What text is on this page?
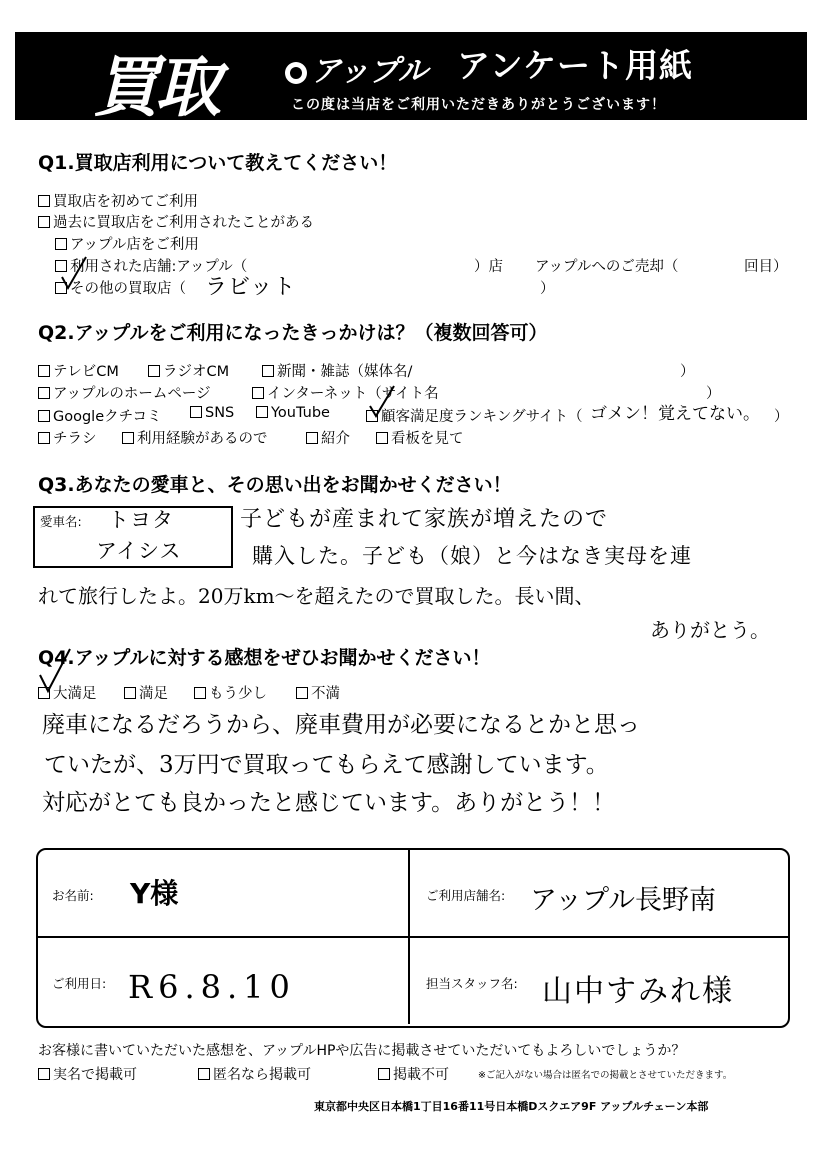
買取	アップル アンケート用紙
この度は当店をご利用いただきありがとうございます！
Q1.買取店利用について教えてください！
買取店を初めてご利用
過去に買取店をご利用されたことがある
アップル店をご利用
利用された店舗:アップル（	）店 アップルへのご売却（	回目）
その他の買取店（ ラビット	）
Q2.アップルをご利用になったきっかけは？（複数回答可）
テレビCM	ラジオCM	新聞・雑誌（媒体名/	）
アップルのホームページ	インターネット（サイト名	）
Googleクチコミ	SNS	YouTube	顧客満足度ランキングサイト（ ゴメン！覚えてない。 ）
チラシ	利用経験があるので	紹介	看板を見て
Q3.あなたの愛車と、その思い出をお聞かせください！
愛車名: トヨタ
アイシス
子どもが産まれて家族が増えたので
購入した。子ども（娘）と今はなき実母を連
れて旅行したよ。20万km～を超えたので買取した。長い間、
ありがとう。
Q4.アップルに対する感想をぜひお聞かせください！
大満足	満足	もう少し	不満
廃車になるだろうから、廃車費用が必要になるとかと思っ
ていたが、3万円で買取ってもらえて感謝しています。
対応がとても良かったと感じています。ありがとう！！
お名前: Y様	ご利用店舗名: アップル長野南
ご利用日: R6.8.10	担当スタッフ名: 山中すみれ様
お客様に書いていただいた感想を、アップルHPや広告に掲載させていただいてもよろしいでしょうか？
実名で掲載可	匿名なら掲載可	掲載不可	※ご記入がない場合は匿名での掲載とさせていただきます。
東京都中央区日本橋1丁目16番11号日本橋Dスクエア9F アップルチェーン本部
